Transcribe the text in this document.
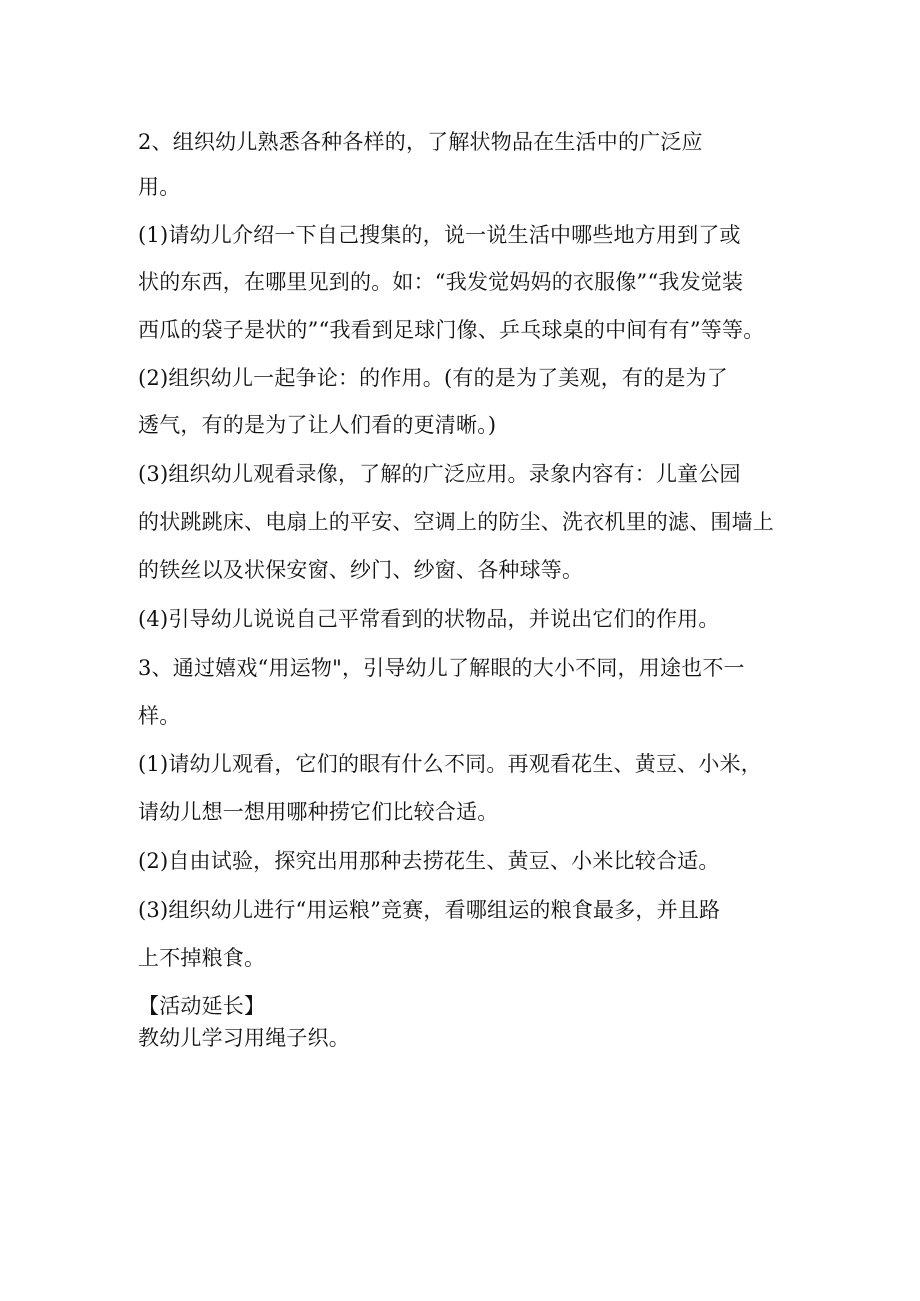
2、组织幼儿熟悉各种各样的，了解状物品在生活中的广泛应
用。
(1)请幼儿介绍一下自己搜集的，说一说生活中哪些地方用到了或
状的东西，在哪里见到的。如：“我发觉妈妈的衣服像”“我发觉装
西瓜的袋子是状的”“我看到足球门像、乒乓球桌的中间有有”等等。
(2)组织幼儿一起争论：的作用。(有的是为了美观，有的是为了
透气，有的是为了让人们看的更清晰。)
(3)组织幼儿观看录像，了解的广泛应用。录象内容有：儿童公园
的状跳跳床、电扇上的平安、空调上的防尘、洗衣机里的滤、围墙上
的铁丝以及状保安窗、纱门、纱窗、各种球等。
(4)引导幼儿说说自己平常看到的状物品，并说出它们的作用。
3、通过嬉戏“用运物"，引导幼儿了解眼的大小不同，用途也不一
样。
(1)请幼儿观看，它们的眼有什么不同。再观看花生、黄豆、小米，
请幼儿想一想用哪种捞它们比较合适。
(2)自由试验，探究出用那种去捞花生、黄豆、小米比较合适。
(3)组织幼儿进行“用运粮”竞赛，看哪组运的粮食最多，并且路
上不掉粮食。
【活动延长】
教幼儿学习用绳子织。
